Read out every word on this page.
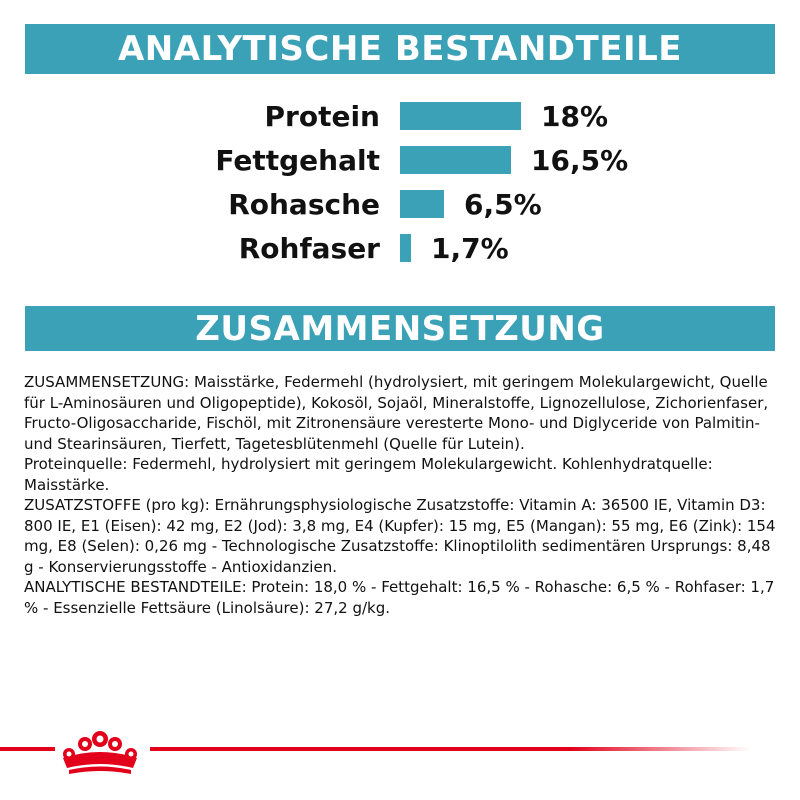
ANALYTISCHE BESTANDTEILE
Protein	18%
Fettgehalt	16,5%
Rohasche	6,5%
Rohfaser 1,7%
ZUSAMMENSETZUNG

ZUSAMMENSETZUNG: Maisstärke, Federmehl (hydrolysiert, mit geringem Molekulargewicht, Quelle für L-Aminosäuren und Oligopeptide), Kokosöl, Sojaöl, Mineralstoffe, Lignozellulose, Zichorienfaser, Fructo-Oligosaccharide, Fischöl, mit Zitronensäure veresterte Mono- und Diglyceride von Palmitin- und Stearinsäuren, Tierfett, Tagetesblütenmehl (Quelle für Lutein).

Proteinquelle: Federmehl, hydrolysiert mit geringem Molekulargewicht. Kohlenhydratquelle: Maisstärke.

ZUSATZSTOFFE (pro kg): Ernährungsphysiologische Zusatzstoffe: Vitamin A: 36500 IE, Vitamin D3: 800 IE, E1 (Eisen): 42 mg, E2 (Jod): 3,8 mg, E4 (Kupfer): 15 mg, E5 (Mangan): 55 mg, E6 (Zink): 154 mg, E8 (Selen): 0,26 mg - Technologische Zusatzstoffe: Klinoptilolith sedimentären Ursprungs: 8,48 g - Konservierungsstoffe - Antioxidanzien.

ANALYTISCHE BESTANDTEILE: Protein: 18,0 % - Fettgehalt: 16,5 % - Rohasche: 6,5 % - Rohfaser: 1,7 % - Essenzielle Fettsäure (Linolsäure): 27,2 g/kg.
